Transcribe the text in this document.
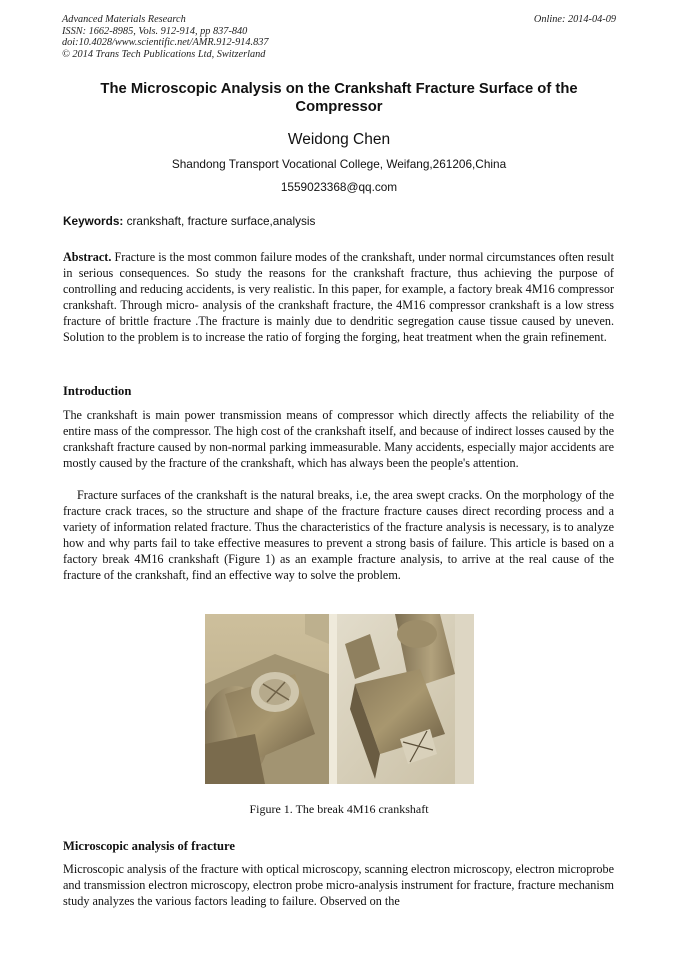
Advanced Materials Research
ISSN: 1662-8985, Vols. 912-914, pp 837-840
doi:10.4028/www.scientific.net/AMR.912-914.837
© 2014 Trans Tech Publications Ltd, Switzerland
Online: 2014-04-09
The Microscopic Analysis on the Crankshaft Fracture Surface of the Compressor
Weidong Chen
Shandong Transport Vocational College, Weifang,261206,China
1559023368@qq.com
Keywords: crankshaft, fracture surface,analysis
Abstract. Fracture is the most common failure modes of the crankshaft, under normal circumstances often result in serious consequences. So study the reasons for the crankshaft fracture, thus achieving the purpose of controlling and reducing accidents, is very realistic. In this paper, for example, a factory break 4M16 compressor crankshaft. Through micro- analysis of the crankshaft fracture, the 4M16 compressor crankshaft is a low stress fracture of brittle fracture .The fracture is mainly due to dendritic segregation cause tissue caused by uneven. Solution to the problem is to increase the ratio of forging the forging, heat treatment when the grain refinement.
Introduction
The crankshaft is main power transmission means of compressor which directly affects the reliability of the entire mass of the compressor. The high cost of the crankshaft itself, and because of indirect losses caused by the crankshaft fracture caused by non-normal parking immeasurable. Many accidents, especially major accidents are mostly caused by the fracture of the crankshaft, which has always been the people's attention.
Fracture surfaces of the crankshaft is the natural breaks, i.e, the area swept cracks. On the morphology of the fracture crack traces, so the structure and shape of the fracture fracture causes direct recording process and a variety of information related fracture. Thus the characteristics of the fracture analysis is necessary, is to analyze how and why parts fail to take effective measures to prevent a strong basis of failure. This article is based on a factory break 4M16 crankshaft (Figure 1) as an example fracture analysis, to arrive at the real cause of the fracture of the crankshaft, find an effective way to solve the problem.
Figure 1. The break 4M16 crankshaft
Microscopic analysis of fracture
Microscopic analysis of the fracture with optical microscopy, scanning electron microscopy, electron microprobe and transmission electron microscopy, electron probe micro-analysis instrument for fracture, fracture mechanism study analyzes the various factors leading to failure. Observed on the
